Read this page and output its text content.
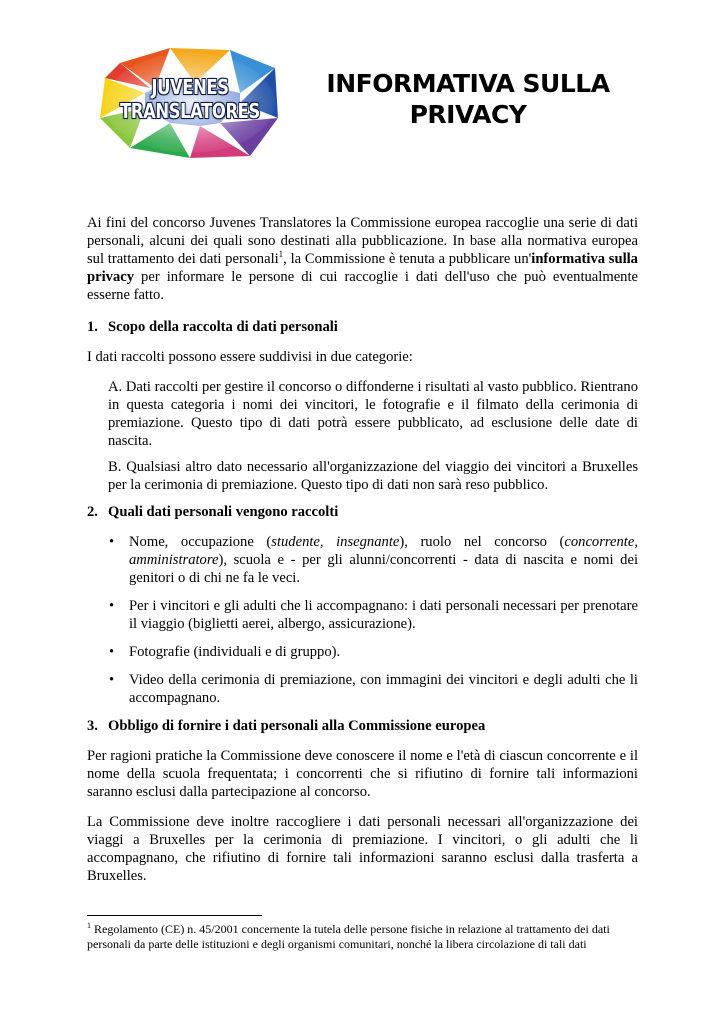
JUVENES
TRANSLATORES
INFORMATIVA SULLA
PRIVACY

Ai fini del concorso Juvenes Translatores la Commissione europea raccoglie una serie di dati personali, alcuni dei quali sono destinati alla pubblicazione. In base alla normativa europea sul trattamento dei dati personali$^1$, la Commissione è tenuta a pubblicare un'informativa sulla privacy per informare le persone di cui raccoglie i dati dell'uso che può eventualmente esserne fatto.

1. Scopo della raccolta di dati personali

I dati raccolti possono essere suddivisi in due categorie:

A. Dati raccolti per gestire il concorso o diffonderne i risultati al vasto pubblico. Rientrano in questa categoria i nomi dei vincitori, le fotografie e il filmato della cerimonia di premiazione. Questo tipo di dati potrà essere pubblicato, ad esclusione delle date di nascita.

B. Qualsiasi altro dato necessario all'organizzazione del viaggio dei vincitori a Bruxelles per la cerimonia di premiazione. Questo tipo di dati non sarà reso pubblico.

2. Quali dati personali vengono raccolti
• Nome, occupazione (studente, insegnante), ruolo nel concorso (concorrente, amministratore), scuola e - per gli alunni/concorrenti - data di nascita e nomi dei genitori o di chi ne fa le veci.
• Per i vincitori e gli adulti che li accompagnano: i dati personali necessari per prenotare il viaggio (biglietti aerei, albergo, assicurazione).
• Fotografie (individuali e di gruppo).
• Video della cerimonia di premiazione, con immagini dei vincitori e degli adulti che li accompagnano.
3. Obbligo di fornire i dati personali alla Commissione europea

Per ragioni pratiche la Commissione deve conoscere il nome e l'età di ciascun concorrente e il nome della scuola frequentata; i concorrenti che si rifiutino di fornire tali informazioni saranno esclusi dalla partecipazione al concorso.

La Commissione deve inoltre raccogliere i dati personali necessari all'organizzazione dei viaggi a Bruxelles per la cerimonia di premiazione. I vincitori, o gli adulti che li accompagnano, che rifiutino di fornire tali informazioni saranno esclusi dalla trasferta a Bruxelles.

$^1$ Regolamento (CE) n. 45/2001 concernente la tutela delle persone fisiche in relazione al trattamento dei dati personali da parte delle istituzioni e degli organismi comunitari, nonché la libera circolazione di tali dati
